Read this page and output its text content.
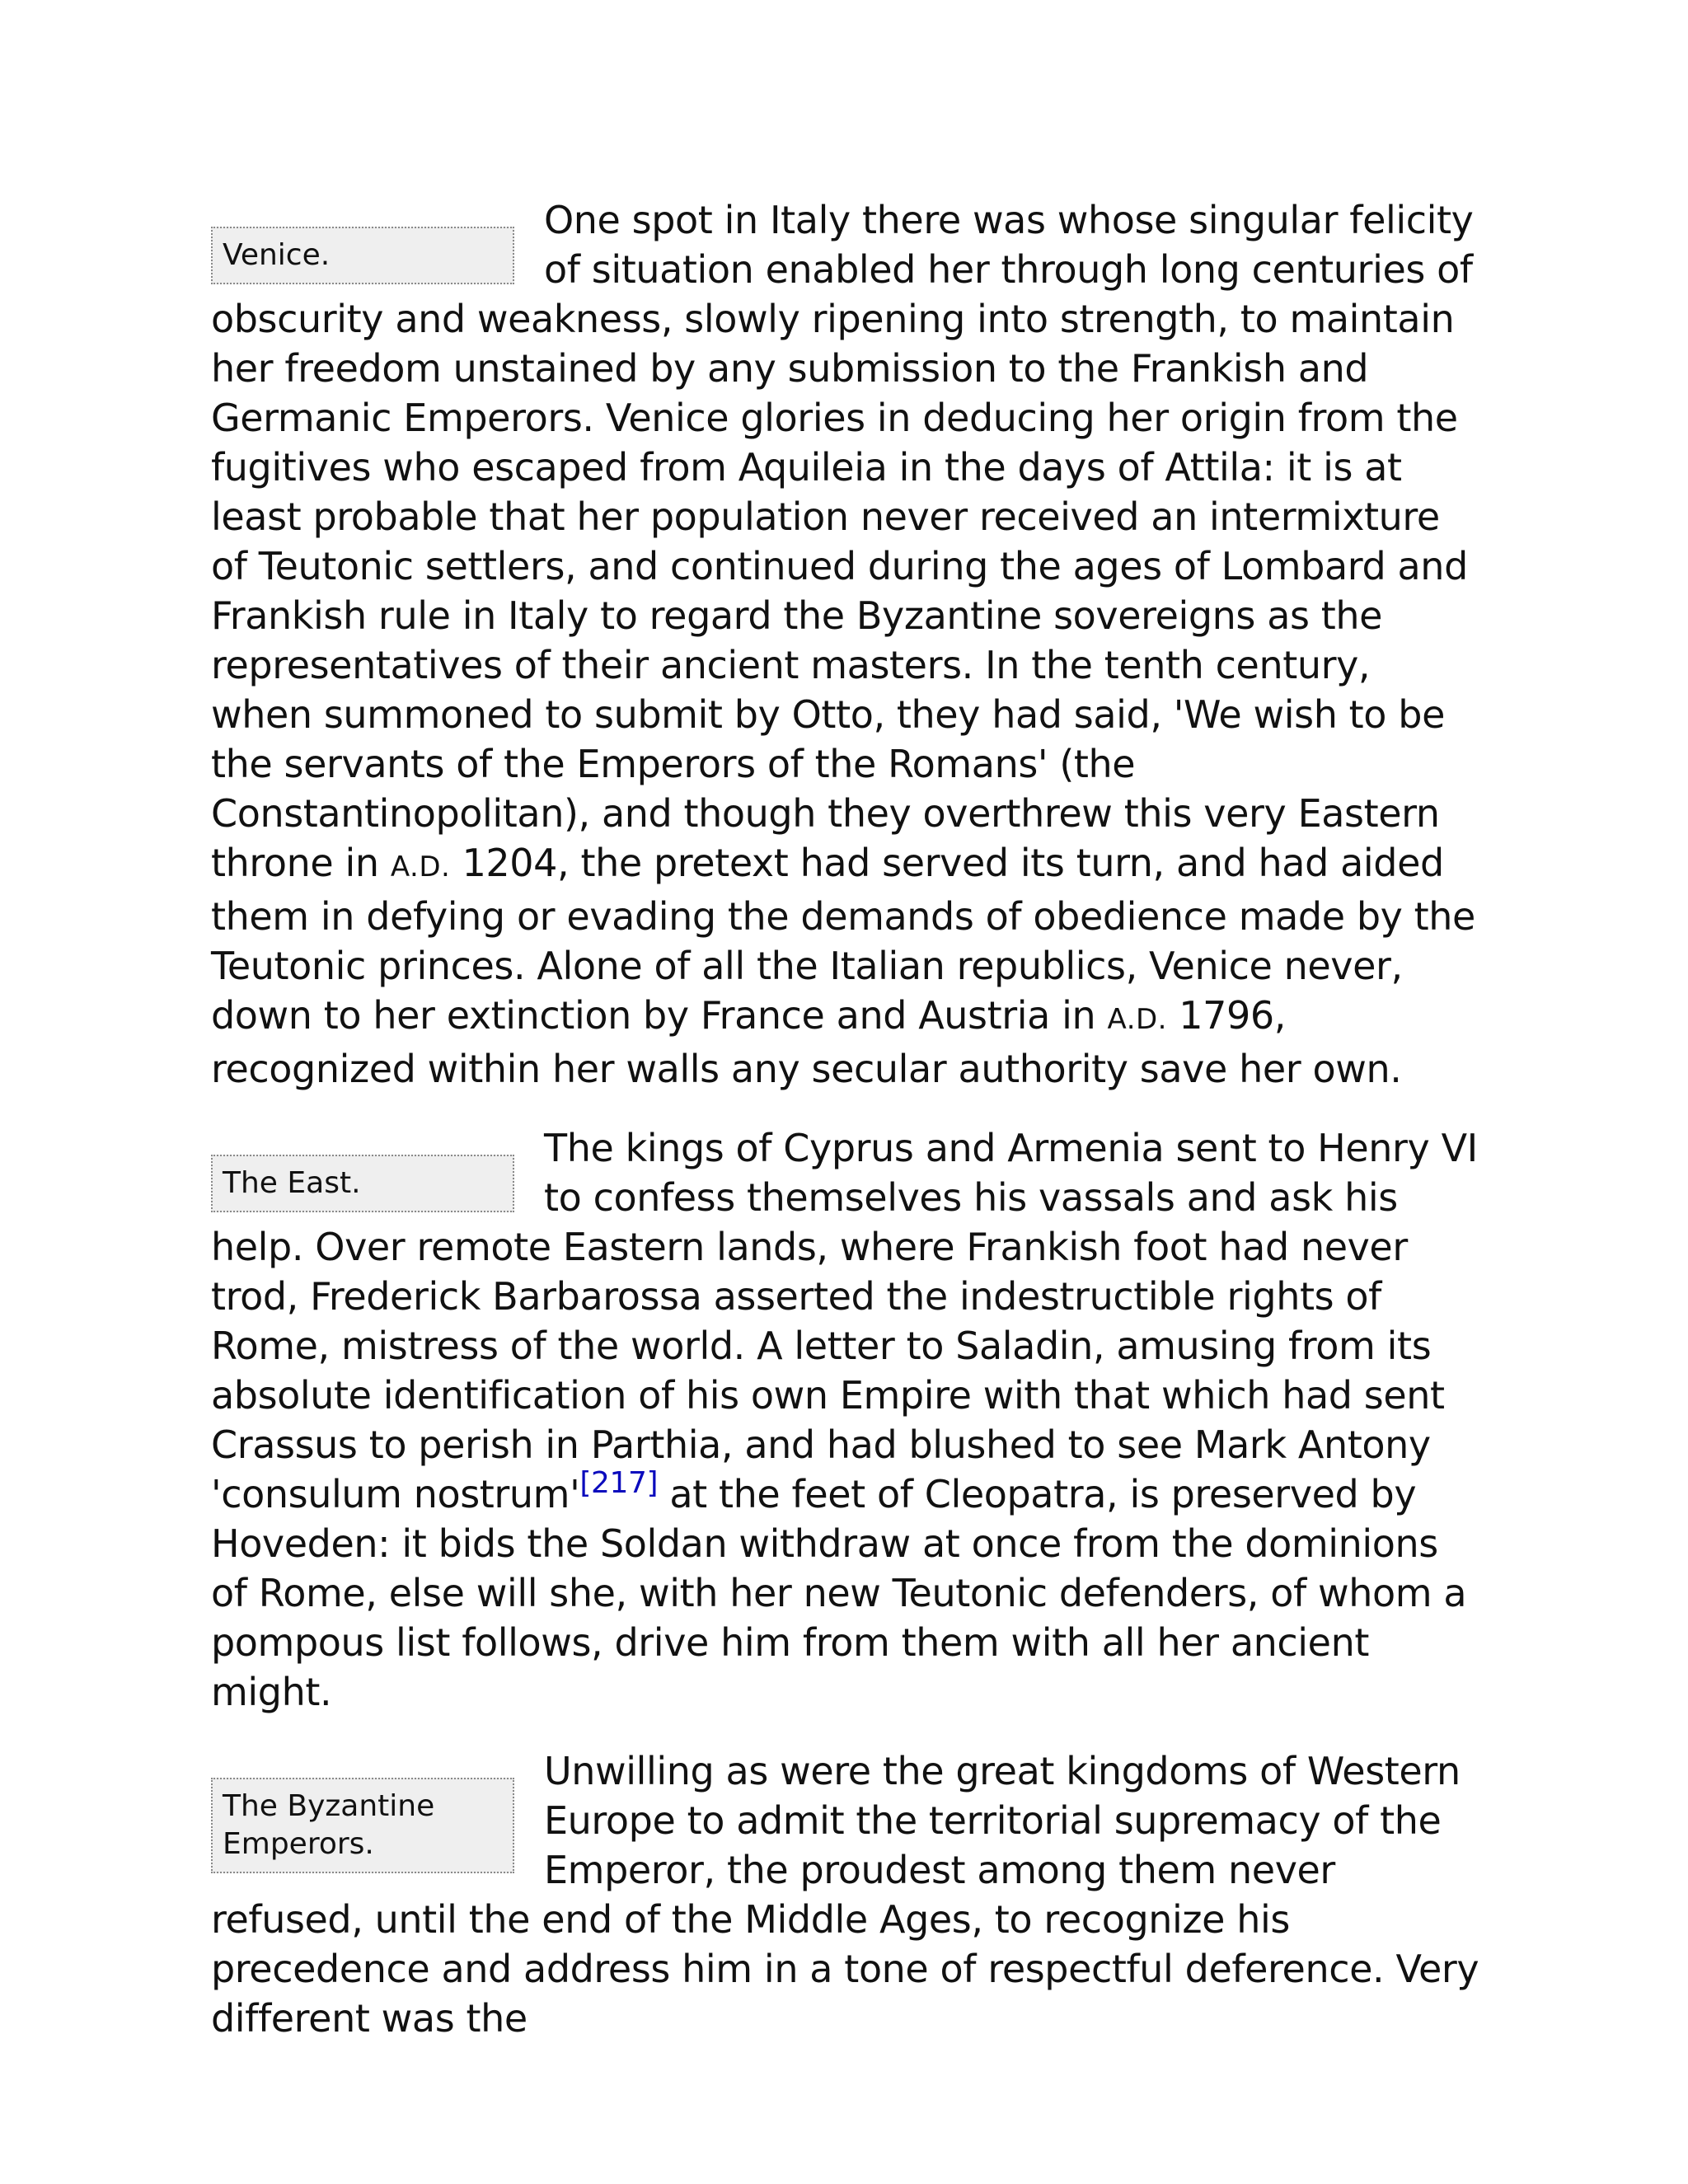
Venice.
One spot in Italy there was whose singular felicity of situation enabled her through long centuries of obscurity and weakness, slowly ripening into strength, to maintain her freedom unstained by any submission to the Frankish and Germanic Emperors. Venice glories in deducing her origin from the fugitives who escaped from Aquileia in the days of Attila: it is at least probable that her population never received an intermixture of Teutonic settlers, and continued during the ages of Lombard and Frankish rule in Italy to regard the Byzantine sovereigns as the representatives of their ancient masters. In the tenth century, when summoned to submit by Otto, they had said, 'We wish to be the servants of the Emperors of the Romans' (the Constantinopolitan), and though they overthrew this very Eastern throne in A.D. 1204, the pretext had served its turn, and had aided them in defying or evading the demands of obedience made by the Teutonic princes. Alone of all the Italian republics, Venice never, down to her extinction by France and Austria in A.D. 1796, recognized within her walls any secular authority save her own.
The East.
The kings of Cyprus and Armenia sent to Henry VI to confess themselves his vassals and ask his help. Over remote Eastern lands, where Frankish foot had never trod, Frederick Barbarossa asserted the indestructible rights of Rome, mistress of the world. A letter to Saladin, amusing from its absolute identification of his own Empire with that which had sent Crassus to perish in Parthia, and had blushed to see Mark Antony 'consulum nostrum'[217] at the feet of Cleopatra, is preserved by Hoveden: it bids the Soldan withdraw at once from the dominions of Rome, else will she, with her new Teutonic defenders, of whom a pompous list follows, drive him from them with all her ancient might.
The Byzantine Emperors.
Unwilling as were the great kingdoms of Western Europe to admit the territorial supremacy of the Emperor, the proudest among them never refused, until the end of the Middle Ages, to recognize his precedence and address him in a tone of respectful deference. Very different was the
